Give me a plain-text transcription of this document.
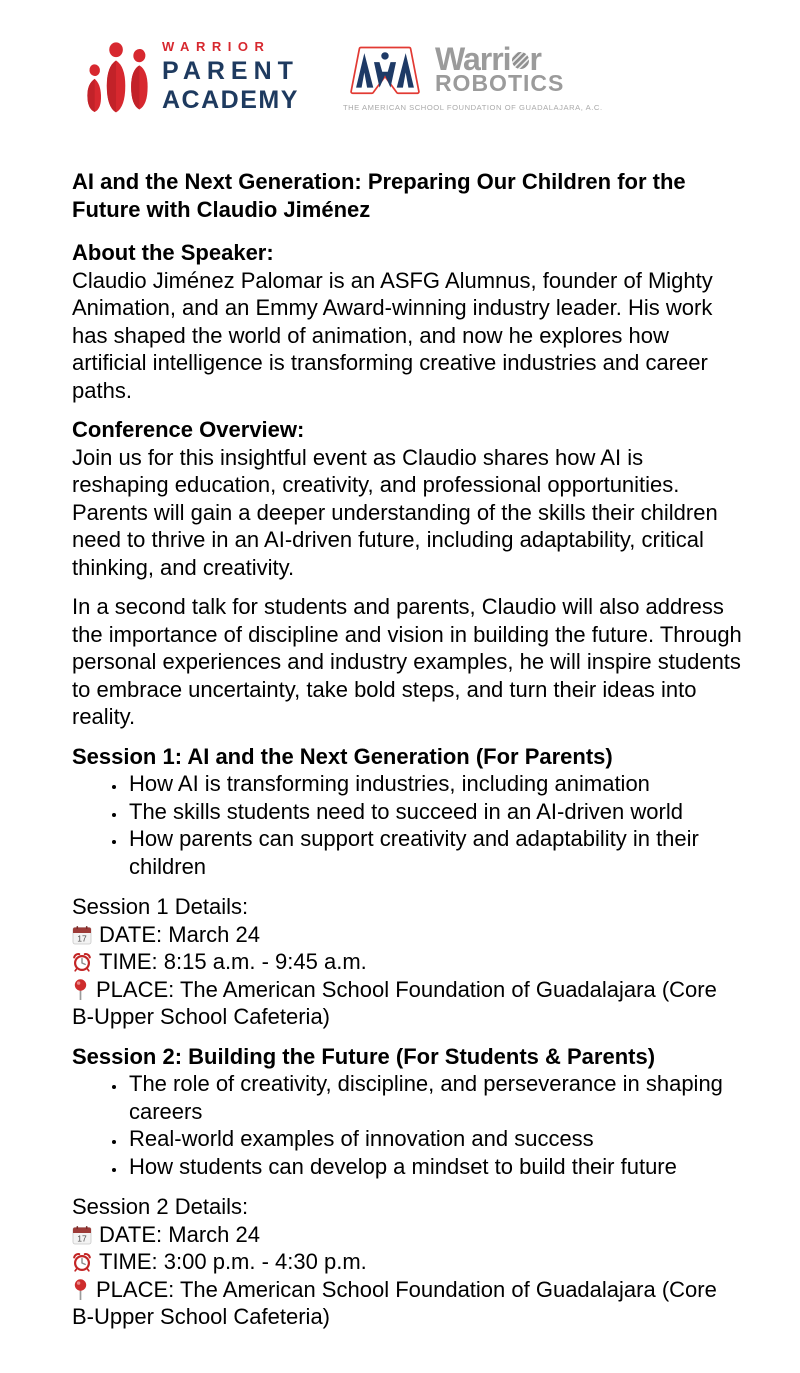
WARRIOR
PARENT
ACADEMY
Warri r
ROBOTICS
THE AMERICAN SCHOOL FOUNDATION OF GUADALAJARA, A.C.
AI and the Next Generation: Preparing Our Children for the Future with Claudio Jiménez

About the Speaker:

Claudio Jiménez Palomar is an ASFG Alumnus, founder of Mighty Animation, and an Emmy Award-winning industry leader. His work has shaped the world of animation, and now he explores how artificial intelligence is transforming creative industries and career paths.

Conference Overview:

Join us for this insightful event as Claudio shares how AI is reshaping education, creativity, and professional opportunities. Parents will gain a deeper understanding of the skills their children need to thrive in an AI-driven future, including adaptability, critical thinking, and creativity.

In a second talk for students and parents, Claudio will also address the importance of discipline and vision in building the future. Through personal experiences and industry examples, he will inspire students to embrace uncertainty, take bold steps, and turn their ideas into reality.

Session 1: AI and the Next Generation (For Parents)

• How AI is transforming industries, including animation
• The skills students need to succeed in an AI-driven world
• How parents can support creativity and adaptability in their children

Session 1 Details:

17 DATE: March 24
TIME: 8:15 a.m. - 9:45 a.m.
PLACE: The American School Foundation of Guadalajara (Core B-Upper School Cafeteria)

Session 2: Building the Future (For Students & Parents)

• The role of creativity, discipline, and perseverance in shaping careers
• Real-world examples of innovation and success
• How students can develop a mindset to build their future

Session 2 Details:

17 DATE: March 24
TIME: 3:00 p.m. - 4:30 p.m.
PLACE: The American School Foundation of Guadalajara (Core B-Upper School Cafeteria)
